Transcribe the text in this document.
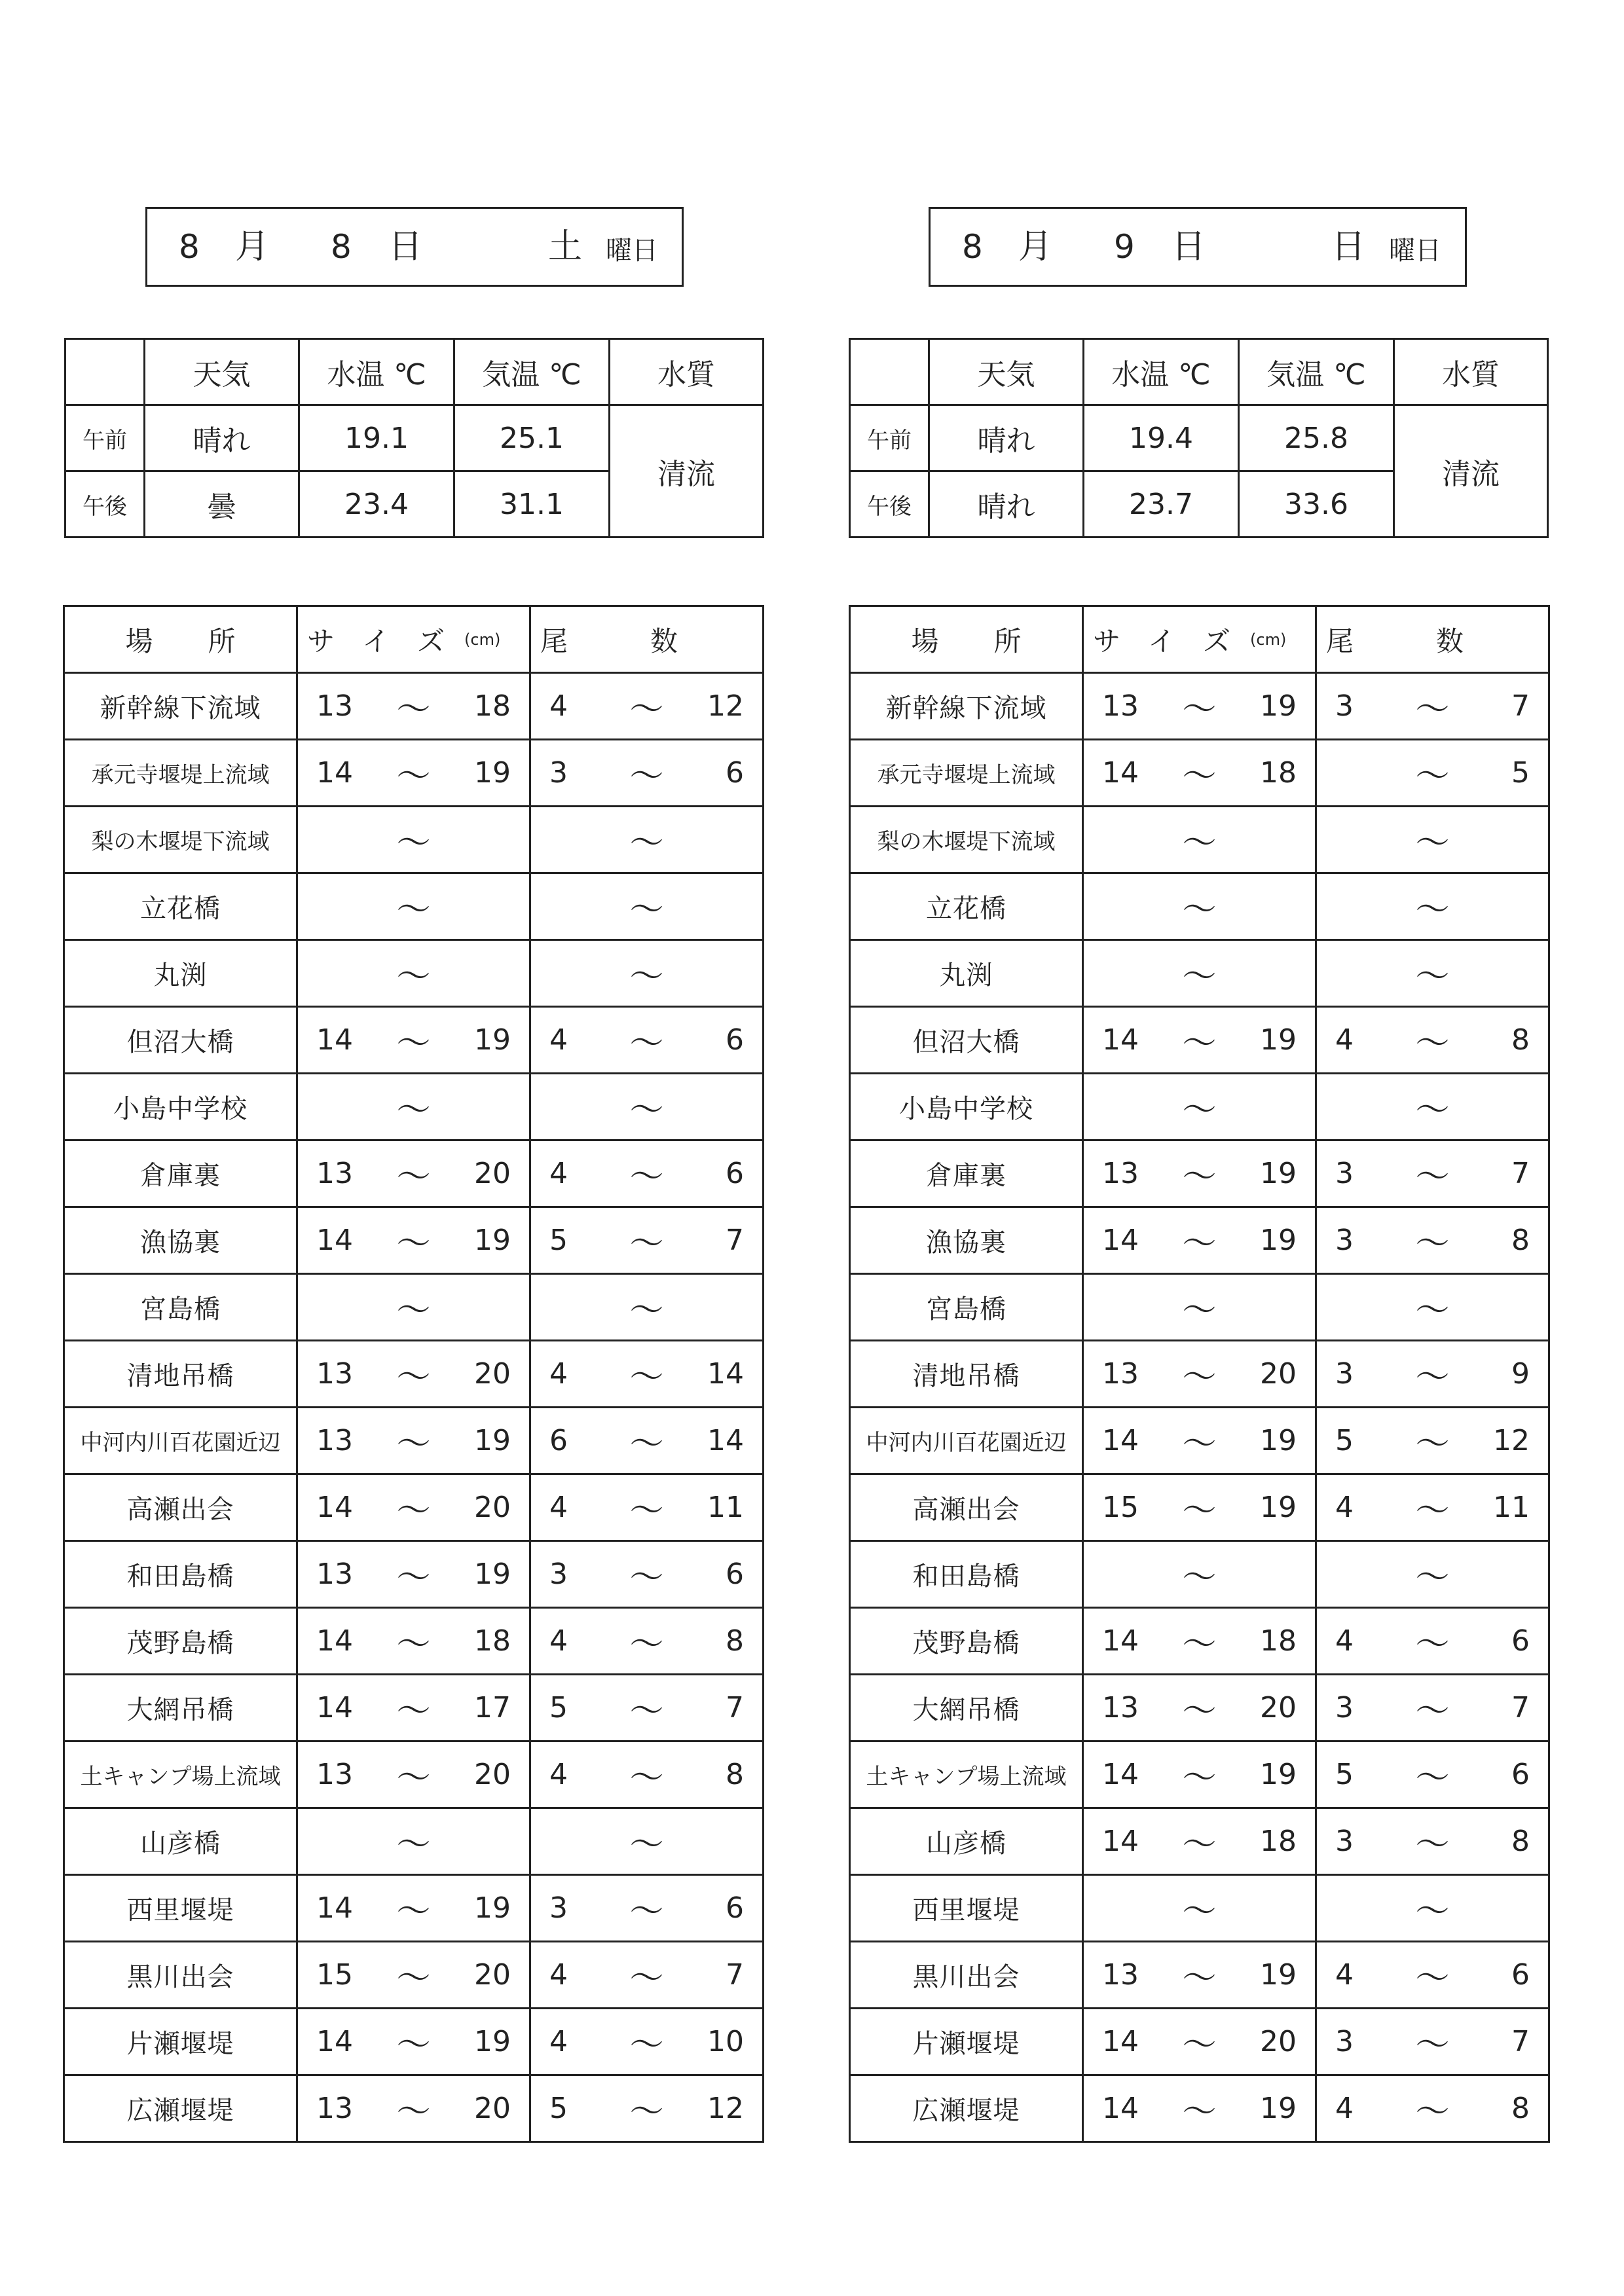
8 月 8 日	土 曜日
	天気	水温 ℃	気温 ℃	水質
午前	晴れ	19.1	25.1	清流
午後	曇	23.4	31.1	
場　　所	サ　イ　ズ (cm)	尾　　　数

新幹線下流域	13 〜 18	4 〜 12

承元寺堰堤上流域	14 〜 19	3 〜 6

梨の木堰堤下流域	〜	〜

立花橋	〜	〜

丸渕	〜	〜

但沼大橋	14 〜 19	4 〜 6

小島中学校	〜	〜

倉庫裏	13 〜 20	4 〜 6

漁協裏	14 〜 19	5 〜 7

宮島橋	〜	〜

清地吊橋	13 〜 20	4 〜 14

中河内川百花園近辺	13 〜 19	6 〜 14

高瀬出会	14 〜 20	4 〜 11

和田島橋	13 〜 19	3 〜 6

茂野島橋	14 〜 18	4 〜 8

大網吊橋	14 〜 17	5 〜 7

土キャンプ場上流域	13 〜 20	4 〜 8

山彦橋	〜	〜

西里堰堤	14 〜 19	3 〜 6

黒川出会	15 〜 20	4 〜 7

片瀬堰堤	14 〜 19	4 〜 10

広瀬堰堤	13 〜 20	5 〜 12
8 月 9 日	日 曜日
	天気	水温 ℃	気温 ℃	水質
午前	晴れ	19.4	25.8	清流
午後	晴れ	23.7	33.6	
場　　所	サ　イ　ズ (cm)	尾　　　数

新幹線下流域	13 〜 19	3 〜 7

承元寺堰堤上流域	14 〜 18	〜 5

梨の木堰堤下流域	〜	〜

立花橋	〜	〜

丸渕	〜	〜

但沼大橋	14 〜 19	4 〜 8

小島中学校	〜	〜

倉庫裏	13 〜 19	3 〜 7

漁協裏	14 〜 19	3 〜 8

宮島橋	〜	〜

清地吊橋	13 〜 20	3 〜 9

中河内川百花園近辺	14 〜 19	5 〜 12

高瀬出会	15 〜 19	4 〜 11

和田島橋	〜	〜

茂野島橋	14 〜 18	4 〜 6

大網吊橋	13 〜 20	3 〜 7

土キャンプ場上流域	14 〜 19	5 〜 6

山彦橋	14 〜 18	3 〜 8

西里堰堤	〜	〜

黒川出会	13 〜 19	4 〜 6

片瀬堰堤	14 〜 20	3 〜 7

広瀬堰堤	14 〜 19	4 〜 8
